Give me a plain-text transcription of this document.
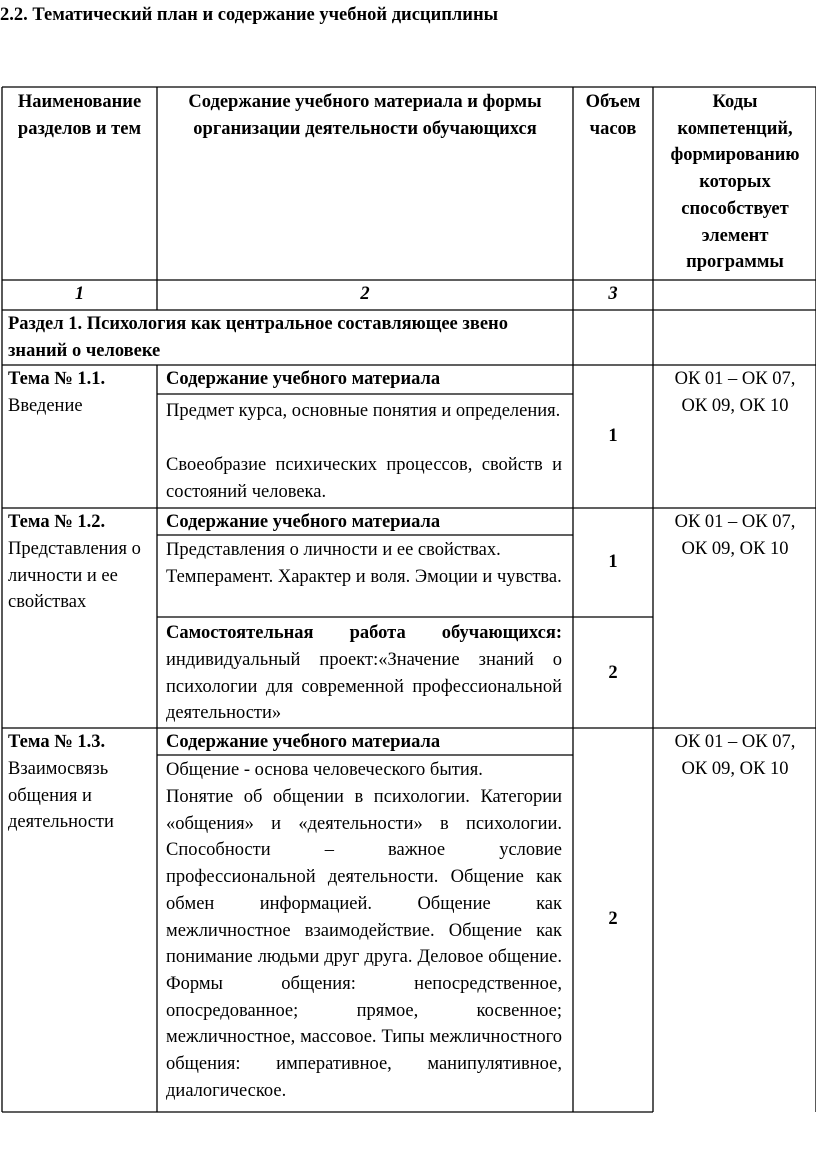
2.2. Тематический план и содержание учебной дисциплины
Наименование разделов и тем
Содержание учебного материала и формы организации деятельности обучающихся
Объем часов
Коды компетенций, формированию которых способствует элемент программы
1	2	3
Раздел 1. Психология как центральное составляющее звено знаний о человеке
Тема № 1.1.
Введение
Содержание учебного материала
Предмет курса, основные понятия и определения.
Своеобразие психических процессов, свойств и состояний человека.
1
ОК 01 – ОК 07, ОК 09, ОК 10
Тема № 1.2.
Представления о личности и ее свойствах
Содержание учебного материала
Представления о личности и ее свойствах.
Темперамент. Характер и воля. Эмоции и чувства.
1
ОК 01 – ОК 07, ОК 09, ОК 10
Самостоятельная работа обучающихся:
индивидуальный проект:«Значение знаний о психологии для современной профессиональной деятельности»
2
Тема № 1.3.
Взаимосвязь общения и деятельности
Содержание учебного материала
Общение - основа человеческого бытия.
Понятие об общении в психологии. Категории «общения» и «деятельности» в психологии. Способности – важное условие профессиональной деятельности. Общение как обмен информацией. Общение как межличностное взаимодействие. Общение как понимание людьми друг друга. Деловое общение. Формы общения: непосредственное, опосредованное; прямое, косвенное; межличностное, массовое. Типы межличностного общения: императивное, манипулятивное, диалогическое.
2
ОК 01 – ОК 07, ОК 09, ОК 10
